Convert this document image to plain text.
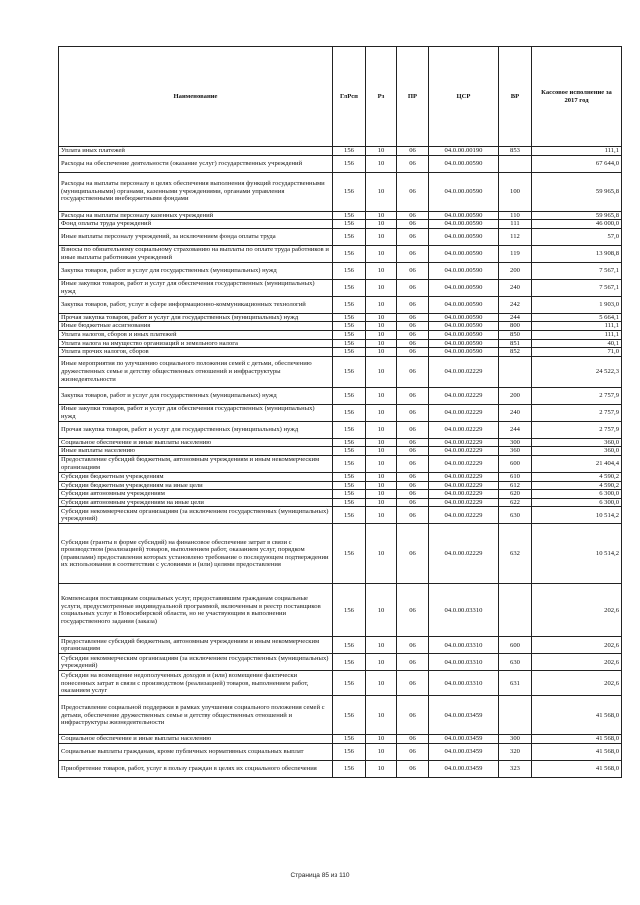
Наименование	ГлРсп	Рз	ПР	ЦСР	ВР	Кассовое исполнение за 2017 год
Уплата иных платежей	156	10	06	04.0.00.00190	853	111,1
Расходы на обеспечение деятельности (оказание услуг) государственных учреждений	156	10	06	04.0.00.00590		67 644,0
Расходы на выплаты персоналу в целях обеспечения выполнения функций государственными (муниципальными) органами, казенными учреждениями, органами управления государственными внебюджетными фондами	156	10	06	04.0.00.00590	100	59 965,8
Расходы на выплаты персоналу казенных учреждений	156	10	06	04.0.00.00590	110	59 965,8
Фонд оплаты труда учреждений	156	10	06	04.0.00.00590	111	46 000,0
Иные выплаты персоналу учреждений, за исключением фонда оплаты труда	156	10	06	04.0.00.00590	112	57,0
Взносы по обязательному социальному страхованию на выплаты по оплате труда работников и иные выплаты работникам учреждений	156	10	06	04.0.00.00590	119	13 908,8
Закупка товаров, работ и услуг для государственных (муниципальных) нужд	156	10	06	04.0.00.00590	200	7 567,1
Иные закупки товаров, работ и услуг для обеспечения государственных (муниципальных) нужд	156	10	06	04.0.00.00590	240	7 567,1
Закупка товаров, работ, услуг в сфере информационно-коммуникационных технологий	156	10	06	04.0.00.00590	242	1 903,0
Прочая закупка товаров, работ и услуг для государственных (муниципальных) нужд	156	10	06	04.0.00.00590	244	5 664,1
Иные бюджетные ассигнования	156	10	06	04.0.00.00590	800	111,1
Уплата налогов, сборов и иных платежей	156	10	06	04.0.00.00590	850	111,1
Уплата налога на имущество организаций и земельного налога	156	10	06	04.0.00.00590	851	40,1
Уплата прочих налогов, сборов	156	10	06	04.0.00.00590	852	71,0
Иные мероприятия по улучшению социального положения семей с детьми, обеспечению дружественных семье и детству общественных отношений и инфраструктуры жизнедеятельности	156	10	06	04.0.00.02229		24 522,3
Закупка товаров, работ и услуг для государственных (муниципальных) нужд	156	10	06	04.0.00.02229	200	2 757,9
Иные закупки товаров, работ и услуг для обеспечения государственных (муниципальных) нужд	156	10	06	04.0.00.02229	240	2 757,9
Прочая закупка товаров, работ и услуг для государственных (муниципальных) нужд	156	10	06	04.0.00.02229	244	2 757,9
Социальное обеспечение и иные выплаты населению	156	10	06	04.0.00.02229	300	360,0
Иные выплаты населению	156	10	06	04.0.00.02229	360	360,0
Предоставление субсидий бюджетным, автономным учреждениям и иным некоммерческим организациям	156	10	06	04.0.00.02229	600	21 404,4
Субсидии бюджетным учреждениям	156	10	06	04.0.00.02229	610	4 590,2
Субсидии бюджетным учреждениям на иные цели	156	10	06	04.0.00.02229	612	4 590,2
Субсидии автономным учреждениям	156	10	06	04.0.00.02229	620	6 300,0
Субсидии автономным учреждениям на иные цели	156	10	06	04.0.00.02229	622	6 300,0
Субсидии некоммерческим организациям (за исключением государственных (муниципальных) учреждений)	156	10	06	04.0.00.02229	630	10 514,2
Субсидии (гранты в форме субсидий) на финансовое обеспечение затрат в связи с производством (реализацией) товаров, выполнением работ, оказанием услуг, порядком (правилами) предоставления которых установлено требование о последующем подтверждении их использования в соответствии с условиями и (или) целями предоставления	156	10	06	04.0.00.02229	632	10 514,2
Компенсация поставщикам социальных услуг, предоставившим гражданам социальные услуги, предусмотренные индивидуальной программой, включенным в реестр поставщиков социальных услуг в Новосибирской области, но не участвующим в выполнении государственного задания (заказа)	156	10	06	04.0.00.03310		202,6
Предоставление субсидий бюджетным, автономным учреждениям и иным некоммерческим организациям	156	10	06	04.0.00.03310	600	202,6
Субсидии некоммерческим организациям (за исключением государственных (муниципальных) учреждений)	156	10	06	04.0.00.03310	630	202,6
Субсидии на возмещение недополученных доходов и (или) возмещение фактически понесенных затрат в связи с производством (реализацией) товаров, выполнением работ, оказанием услуг	156	10	06	04.0.00.03310	631	202,6
Предоставление социальной поддержки в рамках улучшения социального положения семей с детьми, обеспечение дружественных семье и детству общественных отношений и инфраструктуры жизнедеятельности	156	10	06	04.0.00.03459		41 568,0
Социальное обеспечение и иные выплаты населению	156	10	06	04.0.00.03459	300	41 568,0
Социальные выплаты гражданам, кроме публичных нормативных социальных выплат	156	10	06	04.0.00.03459	320	41 568,0
Приобретение товаров, работ, услуг в пользу граждан в целях их социального обеспечения	156	10	06	04.0.00.03459	323	41 568,0
Страница 85 из 110
